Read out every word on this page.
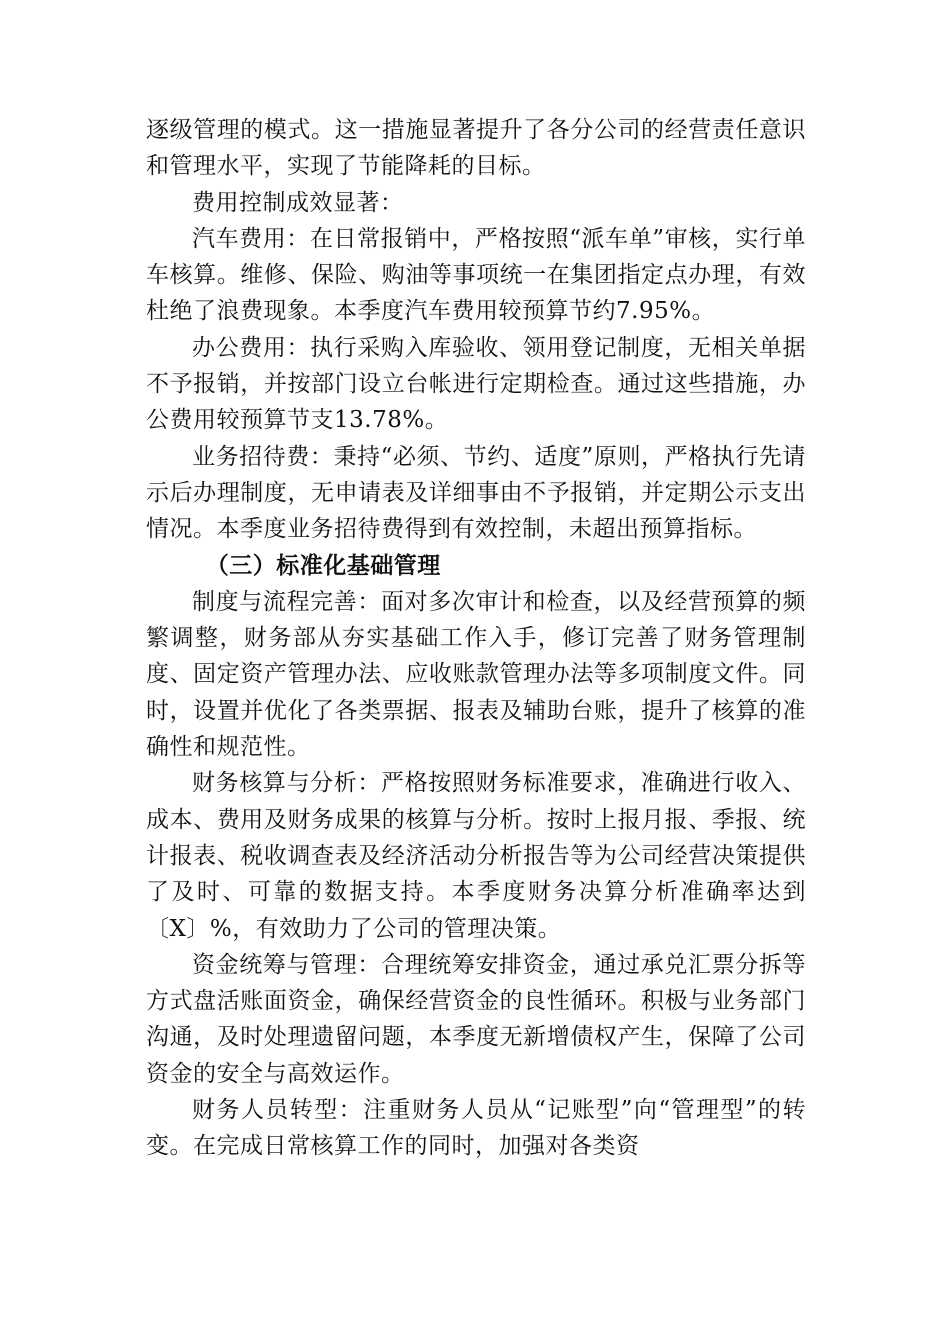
逐级管理的模式。这一措施显著提升了各分公司的经营责任意识和管理水平，实现了节能降耗的目标。

费用控制成效显著：

汽车费用：在日常报销中，严格按照“派车单”审核，实行单车核算。维修、保险、购油等事项统一在集团指定点办理，有效杜绝了浪费现象。本季度汽车费用较预算节约7.95%。

办公费用：执行采购入库验收、领用登记制度，无相关单据不予报销，并按部门设立台帐进行定期检查。通过这些措施，办公费用较预算节支13.78%。

业务招待费：秉持“必须、节约、适度”原则，严格执行先请示后办理制度，无申请表及详细事由不予报销，并定期公示支出情况。本季度业务招待费得到有效控制，未超出预算指标。

（三）标准化基础管理

制度与流程完善：面对多次审计和检查，以及经营预算的频繁调整，财务部从夯实基础工作入手，修订完善了财务管理制度、固定资产管理办法、应收账款管理办法等多项制度文件。同时，设置并优化了各类票据、报表及辅助台账，提升了核算的准确性和规范性。

财务核算与分析：严格按照财务标准要求，准确进行收入、成本、费用及财务成果的核算与分析。按时上报月报、季报、统计报表、税收调查表及经济活动分析报告等为公司经营决策提供了及时、可靠的数据支持。本季度财务决算分析准确率达到〔X〕%，有效助力了公司的管理决策。

资金统筹与管理：合理统筹安排资金，通过承兑汇票分拆等方式盘活账面资金，确保经营资金的良性循环。积极与业务部门沟通，及时处理遗留问题，本季度无新增债权产生，保障了公司资金的安全与高效运作。

财务人员转型：注重财务人员从“记账型”向“管理型”的转变。在完成日常核算工作的同时，加强对各类资
